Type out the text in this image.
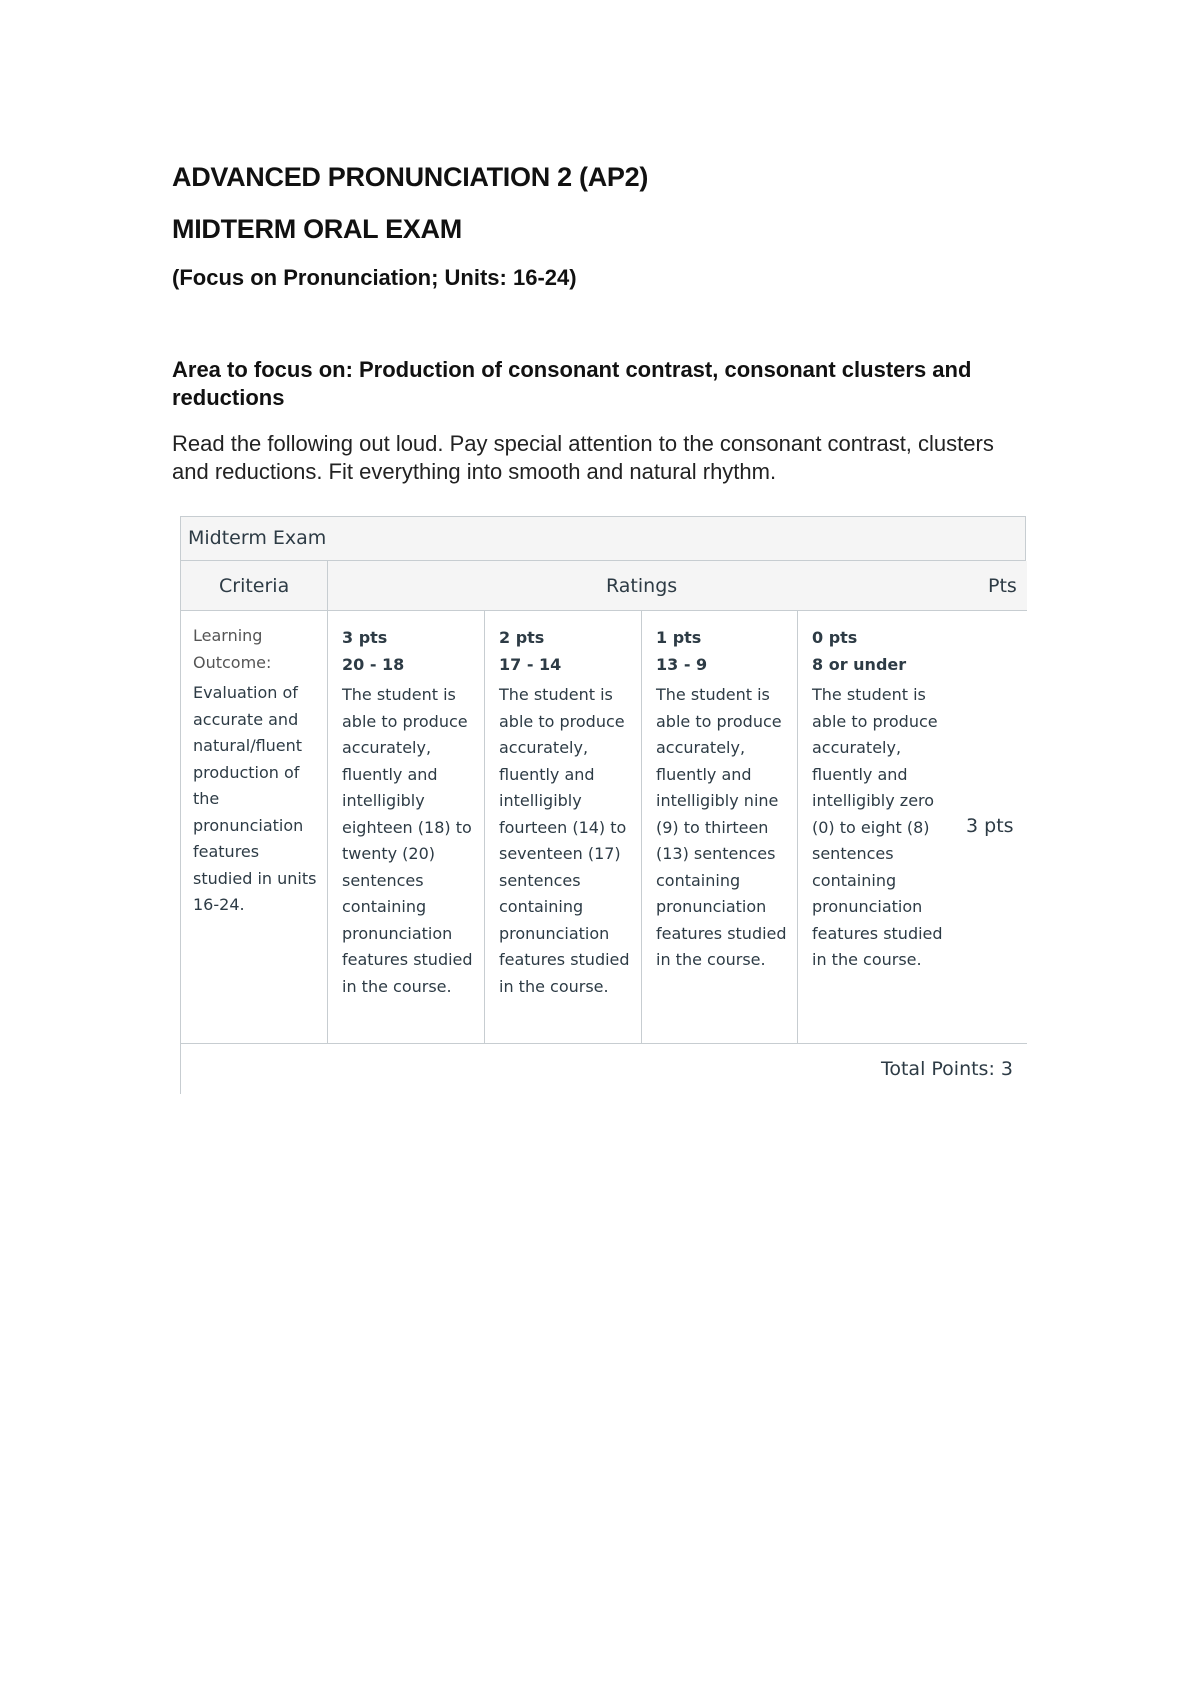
ADVANCED PRONUNCIATION 2 (AP2)
MIDTERM ORAL EXAM

(Focus on Pronunciation; Units: 16-24)

Area to focus on: Production of consonant contrast, consonant clusters and reductions

Read the following out loud. Pay special attention to the consonant contrast, clusters and reductions. Fit everything into smooth and natural rhythm.

Midterm Exam
Criteria	Ratings	Pts
Learning Outcome:
Evaluation of accurate and natural/fluent production of the pronunciation features studied in units 16-24.
3 pts
20 - 18
The student is able to produce accurately, fluently and intelligibly eighteen (18) to twenty (20) sentences containing pronunciation features studied in the course.
2 pts
17 - 14
The student is able to produce accurately, fluently and intelligibly fourteen (14) to seventeen (17) sentences containing pronunciation features studied in the course.
1 pts
13 - 9
The student is able to produce accurately, fluently and intelligibly nine (9) to thirteen (13) sentences containing pronunciation features studied in the course.
0 pts
8 or under
The student is able to produce accurately, fluently and intelligibly zero (0) to eight (8) sentences containing pronunciation features studied in the course.
3 pts
Total Points: 3
